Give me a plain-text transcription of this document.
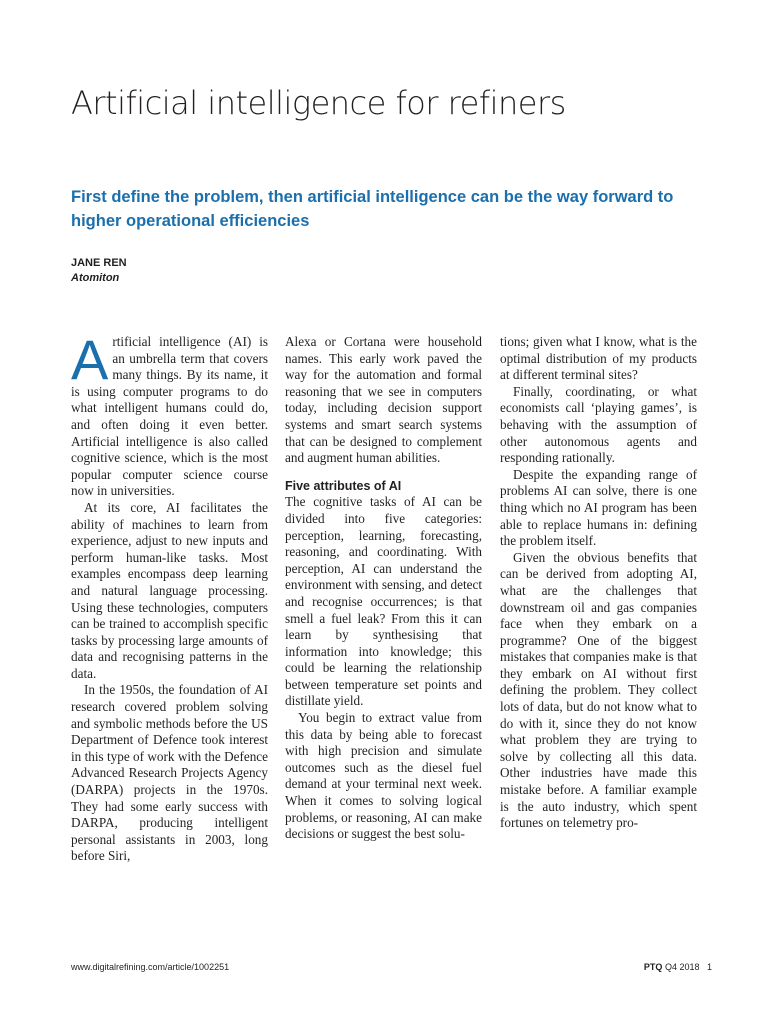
Artificial intelligence for refiners
First define the problem, then artificial intelligence can be the way forward to higher operational efficiencies
JANE REN
Atomiton

Artificial intelligence (AI) is an umbrella term that covers many things. By its name, it is using computer programs to do what intelligent humans could do, and often doing it even better. Artificial intelligence is also called cognitive science, which is the most popular computer science course now in universities.

At its core, AI facilitates the ability of machines to learn from experience, adjust to new inputs and perform human-like tasks. Most examples encompass deep learning and natural language processing. Using these technologies, computers can be trained to accomplish specific tasks by processing large amounts of data and recognising patterns in the data.

In the 1950s, the foundation of AI research covered problem solving and symbolic methods before the US Department of Defence took interest in this type of work with the Defence Advanced Research Projects Agency (DARPA) projects in the 1970s. They had some early success with DARPA, producing intelligent personal assistants in 2003, long before Siri,

Alexa or Cortana were household names. This early work paved the way for the automation and formal reasoning that we see in computers today, including decision support systems and smart search systems that can be designed to complement and augment human abilities.

Five attributes of AI

The cognitive tasks of AI can be divided into five categories: perception, learning, forecasting, reasoning, and coordinating. With perception, AI can understand the environment with sensing, and detect and recognise occurrences; is that smell a fuel leak? From this it can learn by synthesising that information into knowledge; this could be learning the relationship between temperature set points and distillate yield.

You begin to extract value from this data by being able to forecast with high precision and simulate outcomes such as the diesel fuel demand at your terminal next week. When it comes to solving logical problems, or reasoning, AI can make decisions or suggest the best solu-

tions; given what I know, what is the optimal distribution of my products at different terminal sites?

Finally, coordinating, or what economists call ‘playing games’, is behaving with the assumption of other autonomous agents and responding rationally.

Despite the expanding range of problems AI can solve, there is one thing which no AI program has been able to replace humans in: defining the problem itself.

Given the obvious benefits that can be derived from adopting AI, what are the challenges that downstream oil and gas companies face when they embark on a programme? One of the biggest mistakes that companies make is that they embark on AI without first defining the problem. They collect lots of data, but do not know what to do with it, since they do not know what problem they are trying to solve by collecting all this data. Other industries have made this mistake before. A familiar example is the auto industry, which spent fortunes on telemetry pro-

www.digitalrefining.com/article/1002251	PTQ Q4 2018 1
